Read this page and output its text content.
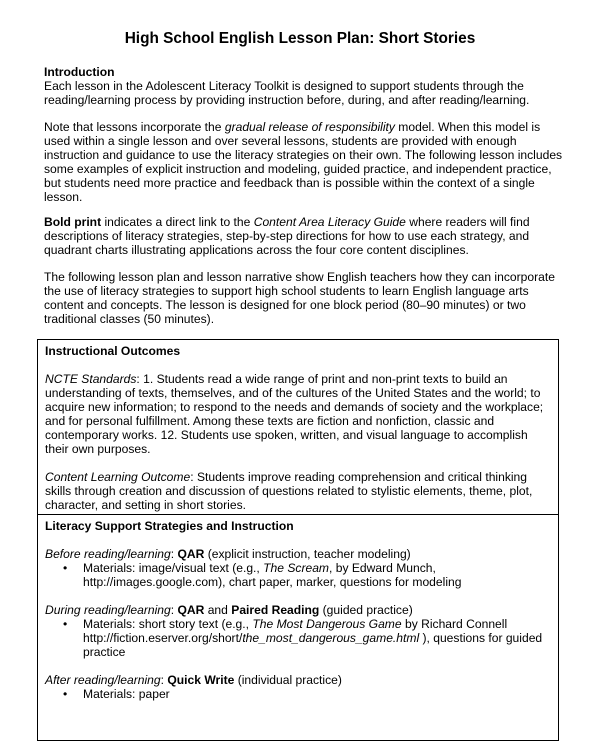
High School English Lesson Plan: Short Stories

Introduction

Each lesson in the Adolescent Literacy Toolkit is designed to support students through the reading/learning process by providing instruction before, during, and after reading/learning.

Note that lessons incorporate the gradual release of responsibility model. When this model is used within a single lesson and over several lessons, students are provided with enough instruction and guidance to use the literacy strategies on their own. The following lesson includes some examples of explicit instruction and modeling, guided practice, and independent practice, but students need more practice and feedback than is possible within the context of a single lesson.

Bold print indicates a direct link to the Content Area Literacy Guide where readers will find descriptions of literacy strategies, step-by-step directions for how to use each strategy, and quadrant charts illustrating applications across the four core content disciplines.

The following lesson plan and lesson narrative show English teachers how they can incorporate the use of literacy strategies to support high school students to learn English language arts content and concepts. The lesson is designed for one block period (80–90 minutes) or two traditional classes (50 minutes).

Instructional Outcomes

NCTE Standards: 1. Students read a wide range of print and non-print texts to build an understanding of texts, themselves, and of the cultures of the United States and the world; to acquire new information; to respond to the needs and demands of society and the workplace; and for personal fulfillment. Among these texts are fiction and nonfiction, classic and contemporary works. 12. Students use spoken, written, and visual language to accomplish their own purposes.

Content Learning Outcome: Students improve reading comprehension and critical thinking skills through creation and discussion of questions related to stylistic elements, theme, plot, character, and setting in short stories.

Literacy Support Strategies and Instruction

Before reading/learning: QAR (explicit instruction, teacher modeling)

• Materials: image/visual text (e.g., The Scream, by Edward Munch, http://images.google.com), chart paper, marker, questions for modeling

During reading/learning: QAR and Paired Reading (guided practice)

• Materials: short story text (e.g., The Most Dangerous Game by Richard Connell http://fiction.eserver.org/short/the_most_dangerous_game.html ), questions for guided practice

After reading/learning: Quick Write (individual practice)

• Materials: paper
